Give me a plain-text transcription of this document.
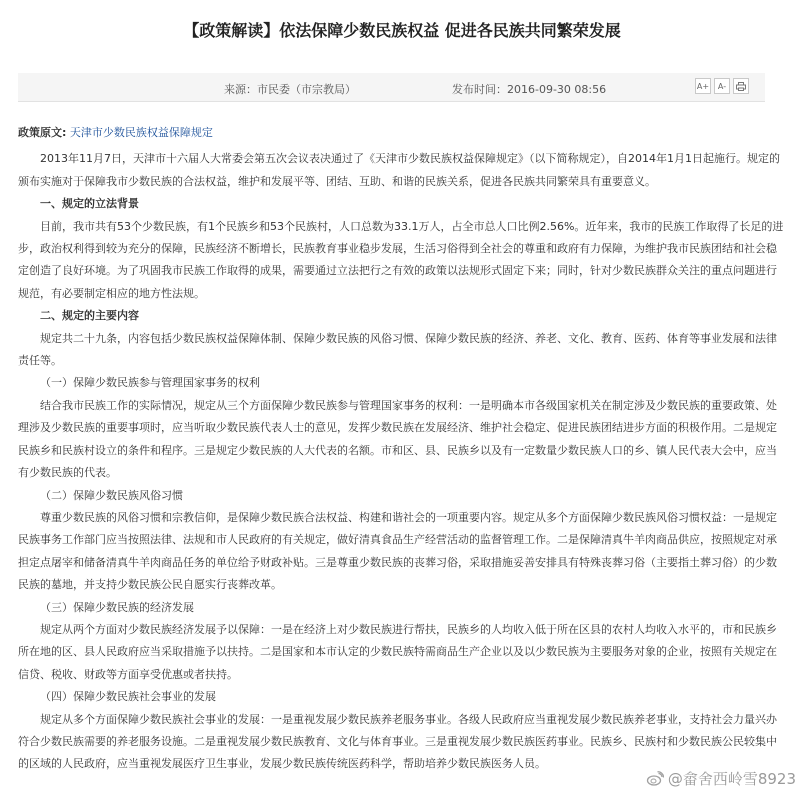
【政策解读】依法保障少数民族权益 促进各民族共同繁荣发展
来源：市民委（市宗教局）	发布时间：2016-09-30 08:56	A+	A-

政策原文: 天津市少数民族权益保障规定

2013年11月7日，天津市十六届人大常委会第五次会议表决通过了《天津市少数民族权益保障规定》（以下简称规定），自2014年1月1日起施行。规定的颁布实施对于保障我市少数民族的合法权益，维护和发展平等、团结、互助、和谐的民族关系，促进各民族共同繁荣具有重要意义。

一、规定的立法背景

目前，我市共有53个少数民族，有1个民族乡和53个民族村，人口总数为33.1万人，占全市总人口比例2.56%。近年来，我市的民族工作取得了长足的进步，政治权利得到较为充分的保障，民族经济不断增长，民族教育事业稳步发展，生活习俗得到全社会的尊重和政府有力保障，为维护我市民族团结和社会稳定创造了良好环境。为了巩固我市民族工作取得的成果，需要通过立法把行之有效的政策以法规形式固定下来；同时，针对少数民族群众关注的重点问题进行规范，有必要制定相应的地方性法规。

二、规定的主要内容

规定共二十九条，内容包括少数民族权益保障体制、保障少数民族的风俗习惯、保障少数民族的经济、养老、文化、教育、医药、体育等事业发展和法律责任等。

（一）保障少数民族参与管理国家事务的权利

结合我市民族工作的实际情况，规定从三个方面保障少数民族参与管理国家事务的权利：一是明确本市各级国家机关在制定涉及少数民族的重要政策、处理涉及少数民族的重要事项时，应当听取少数民族代表人士的意见，发挥少数民族在发展经济、维护社会稳定、促进民族团结进步方面的积极作用。二是规定民族乡和民族村设立的条件和程序。三是规定少数民族的人大代表的名额。市和区、县、民族乡以及有一定数量少数民族人口的乡、镇人民代表大会中，应当有少数民族的代表。

（二）保障少数民族风俗习惯

尊重少数民族的风俗习惯和宗教信仰，是保障少数民族合法权益、构建和谐社会的一项重要内容。规定从多个方面保障少数民族风俗习惯权益：一是规定民族事务工作部门应当按照法律、法规和市人民政府的有关规定，做好清真食品生产经营活动的监督管理工作。二是保障清真牛羊肉商品供应，按照规定对承担定点屠宰和储备清真牛羊肉商品任务的单位给予财政补贴。三是尊重少数民族的丧葬习俗，采取措施妥善安排具有特殊丧葬习俗（主要指土葬习俗）的少数民族的墓地，并支持少数民族公民自愿实行丧葬改革。

（三）保障少数民族的经济发展

规定从两个方面对少数民族经济发展予以保障：一是在经济上对少数民族进行帮扶，民族乡的人均收入低于所在区县的农村人均收入水平的，市和民族乡所在地的区、县人民政府应当采取措施予以扶持。二是国家和本市认定的少数民族特需商品生产企业以及以少数民族为主要服务对象的企业，按照有关规定在信贷、税收、财政等方面享受优惠或者扶持。

（四）保障少数民族社会事业的发展

规定从多个方面保障少数民族社会事业的发展：一是重视发展少数民族养老服务事业。各级人民政府应当重视发展少数民族养老事业，支持社会力量兴办符合少数民族需要的养老服务设施。二是重视发展少数民族教育、文化与体育事业。三是重视发展少数民族医药事业。民族乡、民族村和少数民族公民较集中的区域的人民政府，应当重视发展医疗卫生事业，发展少数民族传统医药科学，帮助培养少数民族医务人员。

@畲舍西岭雪8923
